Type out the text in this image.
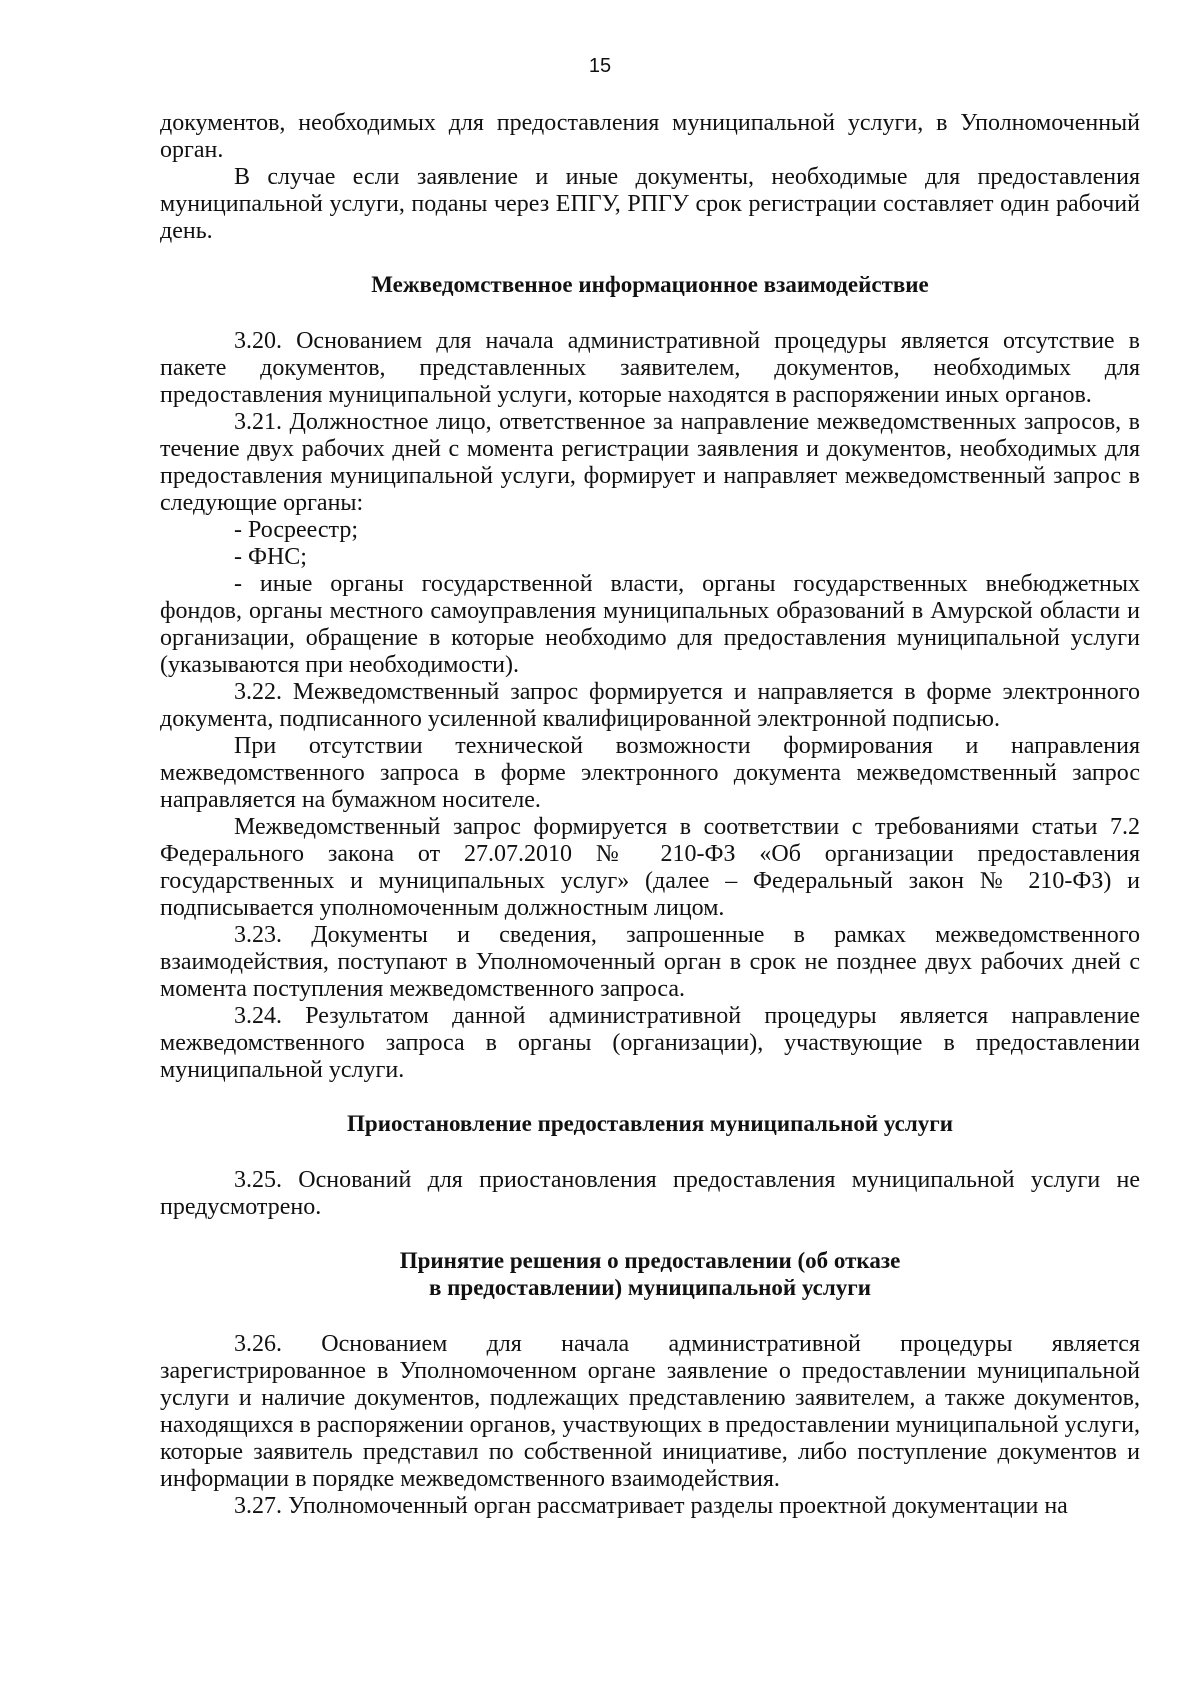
15

документов, необходимых для предоставления муниципальной услуги, в Уполномоченный орган.

В случае если заявление и иные документы, необходимые для предоставления муниципальной услуги, поданы через ЕПГУ, РПГУ срок регистрации составляет один рабочий день.

Межведомственное информационное взаимодействие

3.20. Основанием для начала административной процедуры является отсутствие в пакете документов, представленных заявителем, документов, необходимых для предоставления муниципальной услуги, которые находятся в распоряжении иных органов.

3.21. Должностное лицо, ответственное за направление межведомственных запросов, в течение двух рабочих дней с момента регистрации заявления и документов, необходимых для предоставления муниципальной услуги, формирует и направляет межведомственный запрос в следующие органы:

- Росреестр;

- ФНС;

- иные органы государственной власти, органы государственных внебюджетных фондов, органы местного самоуправления муниципальных образований в Амурской области и организации, обращение в которые необходимо для предоставления муниципальной услуги (указываются при необходимости).

3.22. Межведомственный запрос формируется и направляется в форме электронного документа, подписанного усиленной квалифицированной электронной подписью.

При отсутствии технической возможности формирования и направления межведомственного запроса в форме электронного документа межведомственный запрос направляется на бумажном носителе.

Межведомственный запрос формируется в соответствии с требованиями статьи 7.2 Федерального закона от 27.07.2010 № 210-ФЗ «Об организации предоставления государственных и муниципальных услуг» (далее – Федеральный закон № 210-ФЗ) и подписывается уполномоченным должностным лицом.

3.23. Документы и сведения, запрошенные в рамках межведомственного взаимодействия, поступают в Уполномоченный орган в срок не позднее двух рабочих дней с момента поступления межведомственного запроса.

3.24. Результатом данной административной процедуры является направление межведомственного запроса в органы (организации), участвующие в предоставлении муниципальной услуги.

Приостановление предоставления муниципальной услуги

3.25. Оснований для приостановления предоставления муниципальной услуги не предусмотрено.

Принятие решения о предоставлении (об отказе
в предоставлении) муниципальной услуги

3.26. Основанием для начала административной процедуры является зарегистрированное в Уполномоченном органе заявление о предоставлении муниципальной услуги и наличие документов, подлежащих представлению заявителем, а также документов, находящихся в распоряжении органов, участвующих в предоставлении муниципальной услуги, которые заявитель представил по собственной инициативе, либо поступление документов и информации в порядке межведомственного взаимодействия.

3.27. Уполномоченный орган рассматривает разделы проектной документации на
